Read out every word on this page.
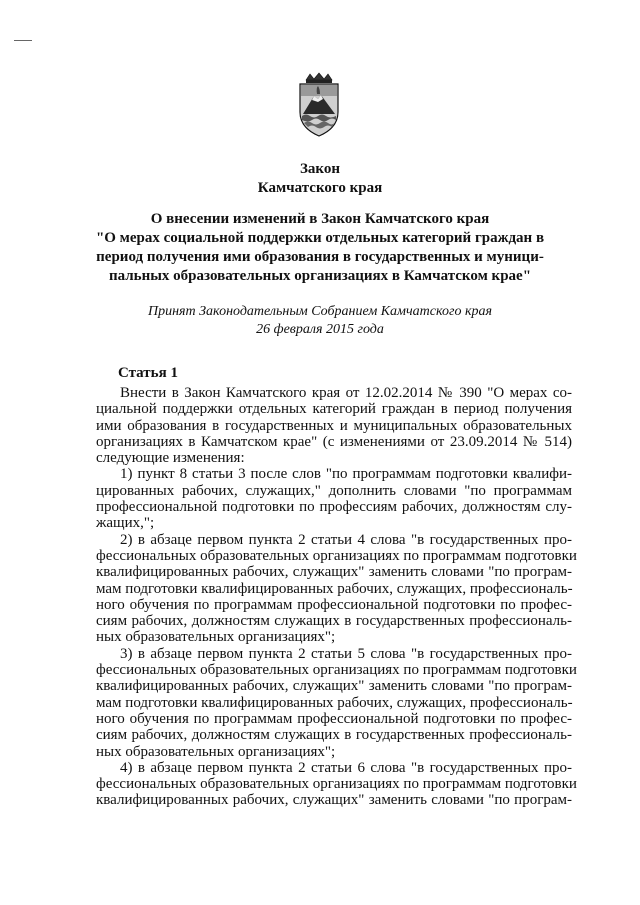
Закон
Камчатского края
О внесении изменений в Закон Камчатского края
"О мерах социальной поддержки отдельных категорий граждан в
период получения ими образования в государственных и муници-
пальных образовательных организациях в Камчатском крае"
Принят Законодательным Собранием Камчатского края
26 февраля 2015 года
Статья 1
Внести в Закон Камчатского края от 12.02.2014 № 390 "О мерах со-
циальной поддержки отдельных категорий граждан в период получения
ими образования в государственных и муниципальных образовательных
организациях в Камчатском крае" (с изменениями от 23.09.2014 № 514)
следующие изменения:
1) пункт 8 статьи 3 после слов "по программам подготовки квалифи-
цированных рабочих, служащих," дополнить словами "по программам
профессиональной подготовки по профессиям рабочих, должностям слу-
жащих,";
2) в абзаце первом пункта 2 статьи 4 слова "в государственных про-
фессиональных образовательных организациях по программам подготовки
квалифицированных рабочих, служащих" заменить словами "по програм-
мам подготовки квалифицированных рабочих, служащих, профессиональ-
ного обучения по программам профессиональной подготовки по профес-
сиям рабочих, должностям служащих в государственных профессиональ-
ных образовательных организациях";
3) в абзаце первом пункта 2 статьи 5 слова "в государственных про-
фессиональных образовательных организациях по программам подготовки
квалифицированных рабочих, служащих" заменить словами "по програм-
мам подготовки квалифицированных рабочих, служащих, профессиональ-
ного обучения по программам профессиональной подготовки по профес-
сиям рабочих, должностям служащих в государственных профессиональ-
ных образовательных организациях";
4) в абзаце первом пункта 2 статьи 6 слова "в государственных про-
фессиональных образовательных организациях по программам подготовки
квалифицированных рабочих, служащих" заменить словами "по програм-
